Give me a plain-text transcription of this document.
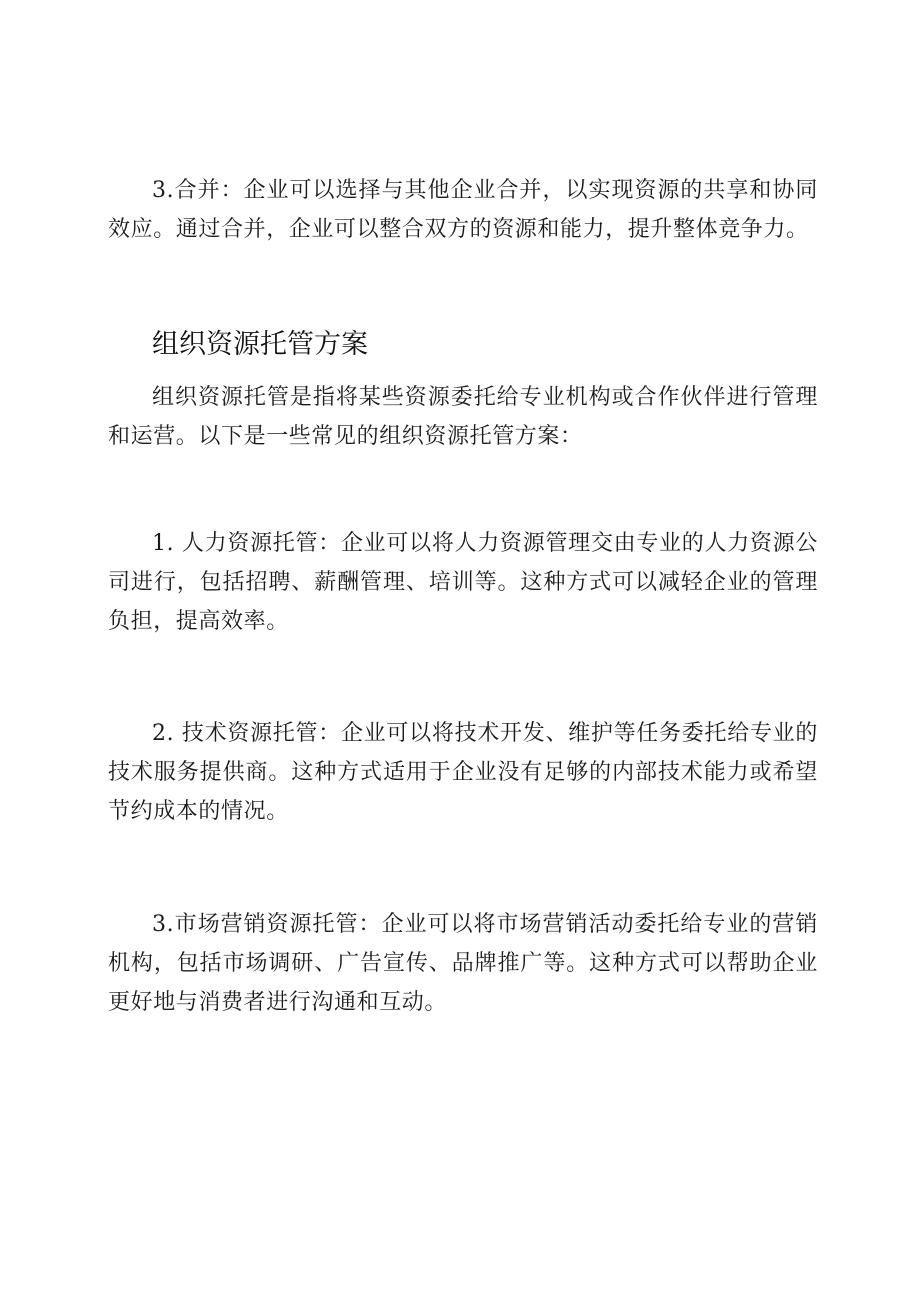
3.合并：企业可以选择与其他企业合并，以实现资源的共享和协同效应。通过合并，企业可以整合双方的资源和能力，提升整体竞争力。

组织资源托管方案

组织资源托管是指将某些资源委托给专业机构或合作伙伴进行管理和运营。以下是一些常见的组织资源托管方案：

1. 人力资源托管：企业可以将人力资源管理交由专业的人力资源公司进行，包括招聘、薪酬管理、培训等。这种方式可以减轻企业的管理负担，提高效率。

2. 技术资源托管：企业可以将技术开发、维护等任务委托给专业的技术服务提供商。这种方式适用于企业没有足够的内部技术能力或希望节约成本的情况。

3.市场营销资源托管：企业可以将市场营销活动委托给专业的营销机构，包括市场调研、广告宣传、品牌推广等。这种方式可以帮助企业更好地与消费者进行沟通和互动。
